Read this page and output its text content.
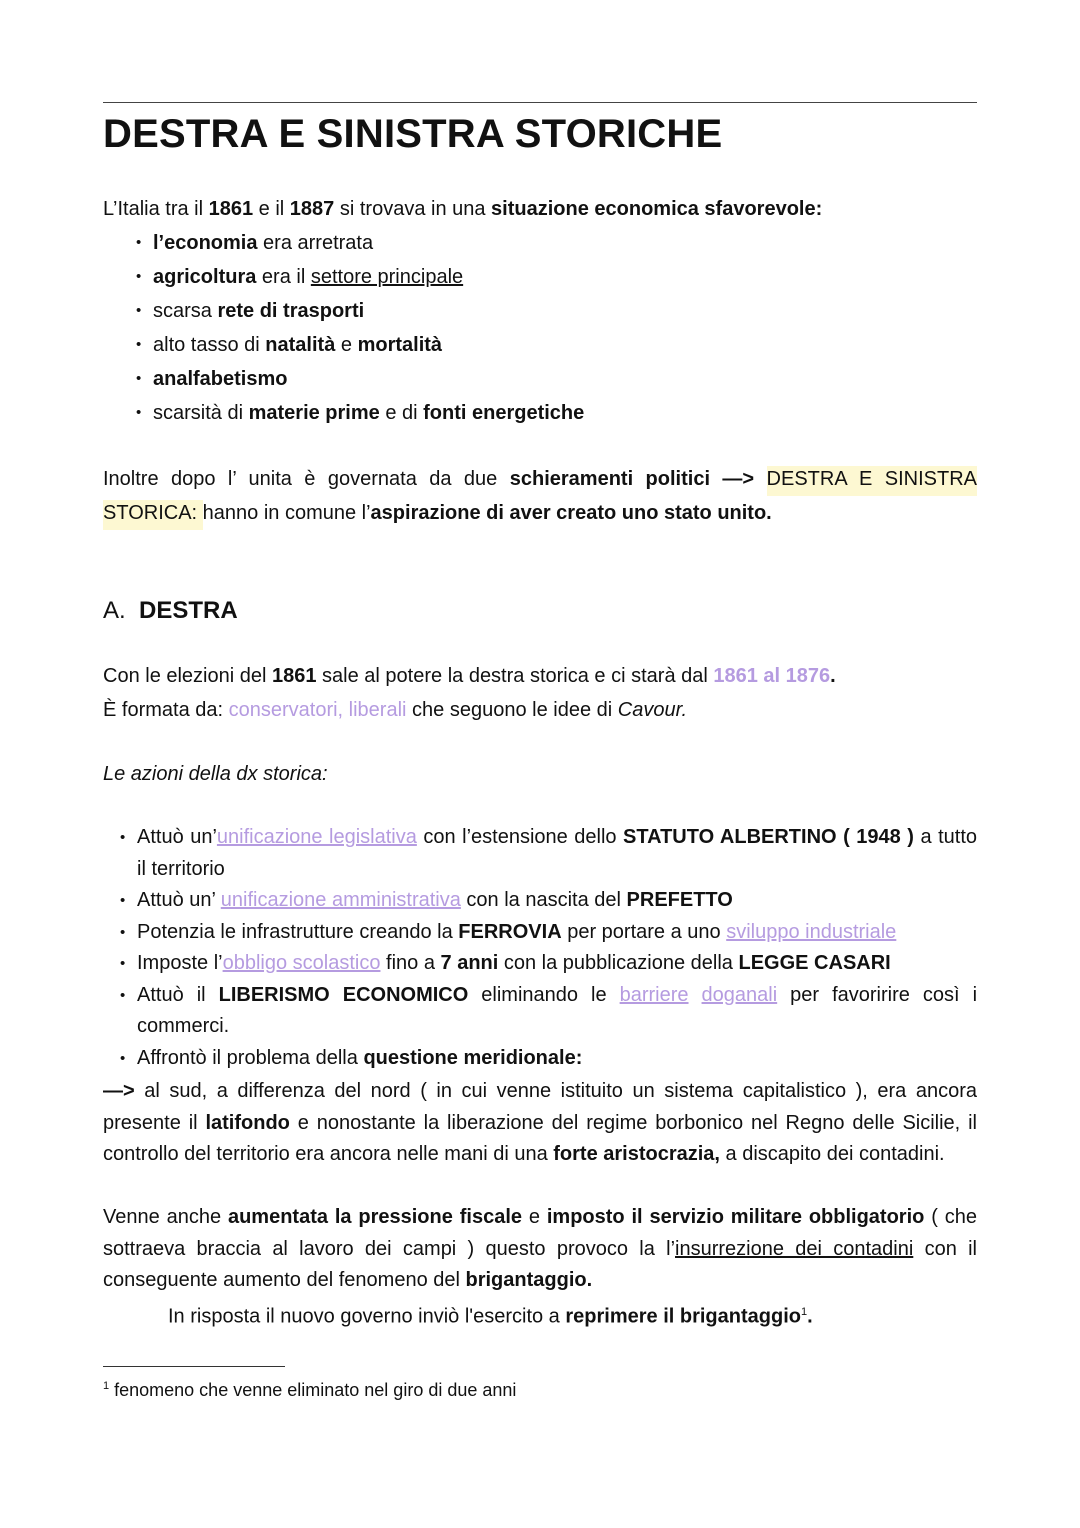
DESTRA E SINISTRA STORICHE
L’Italia tra il 1861 e il 1887 si trovava in una situazione economica sfavorevole:
• l’economia era arretrata
• agricoltura era il settore principale
• scarsa rete di trasporti
• alto tasso di natalità e mortalità
• analfabetismo
• scarsità di materie prime e di fonti energetiche
Inoltre dopo l’ unita è governata da due schieramenti politici —> DESTRA E SINISTRA STORICA: hanno in comune l’aspirazione di aver creato uno stato unito.
A. DESTRA
Con le elezioni del 1861 sale al potere la destra storica e ci starà dal 1861 al 1876.
È formata da: conservatori, liberali che seguono le idee di Cavour.
Le azioni della dx storica:
• Attuò un’unificazione legislativa con l’estensione dello STATUTO ALBERTINO ( 1948 ) a tutto il territorio
• Attuò un’ unificazione amministrativa con la nascita del PREFETTO
• Potenzia le infrastrutture creando la FERROVIA per portare a uno sviluppo industriale
• Imposte l’obbligo scolastico fino a 7 anni con la pubblicazione della LEGGE CASARI
• Attuò il LIBERISMO ECONOMICO eliminando le barriere doganali per favoririre così i commerci.
• Affrontò il problema della questione meridionale:
—> al sud, a differenza del nord ( in cui venne istituito un sistema capitalistico ), era ancora presente il latifondo e nonostante la liberazione del regime borbonico nel Regno delle Sicilie, il controllo del territorio era ancora nelle mani di una forte aristocrazia, a discapito dei contadini.
Venne anche aumentata la pressione fiscale e imposto il servizio militare obbligatorio ( che sottraeva braccia al lavoro dei campi ) questo provoco la l’insurrezione dei contadini con il conseguente aumento del fenomeno del brigantaggio.
In risposta il nuovo governo inviò l'esercito a reprimere il brigantaggio$^1$.
$^1$ fenomeno che venne eliminato nel giro di due anni
